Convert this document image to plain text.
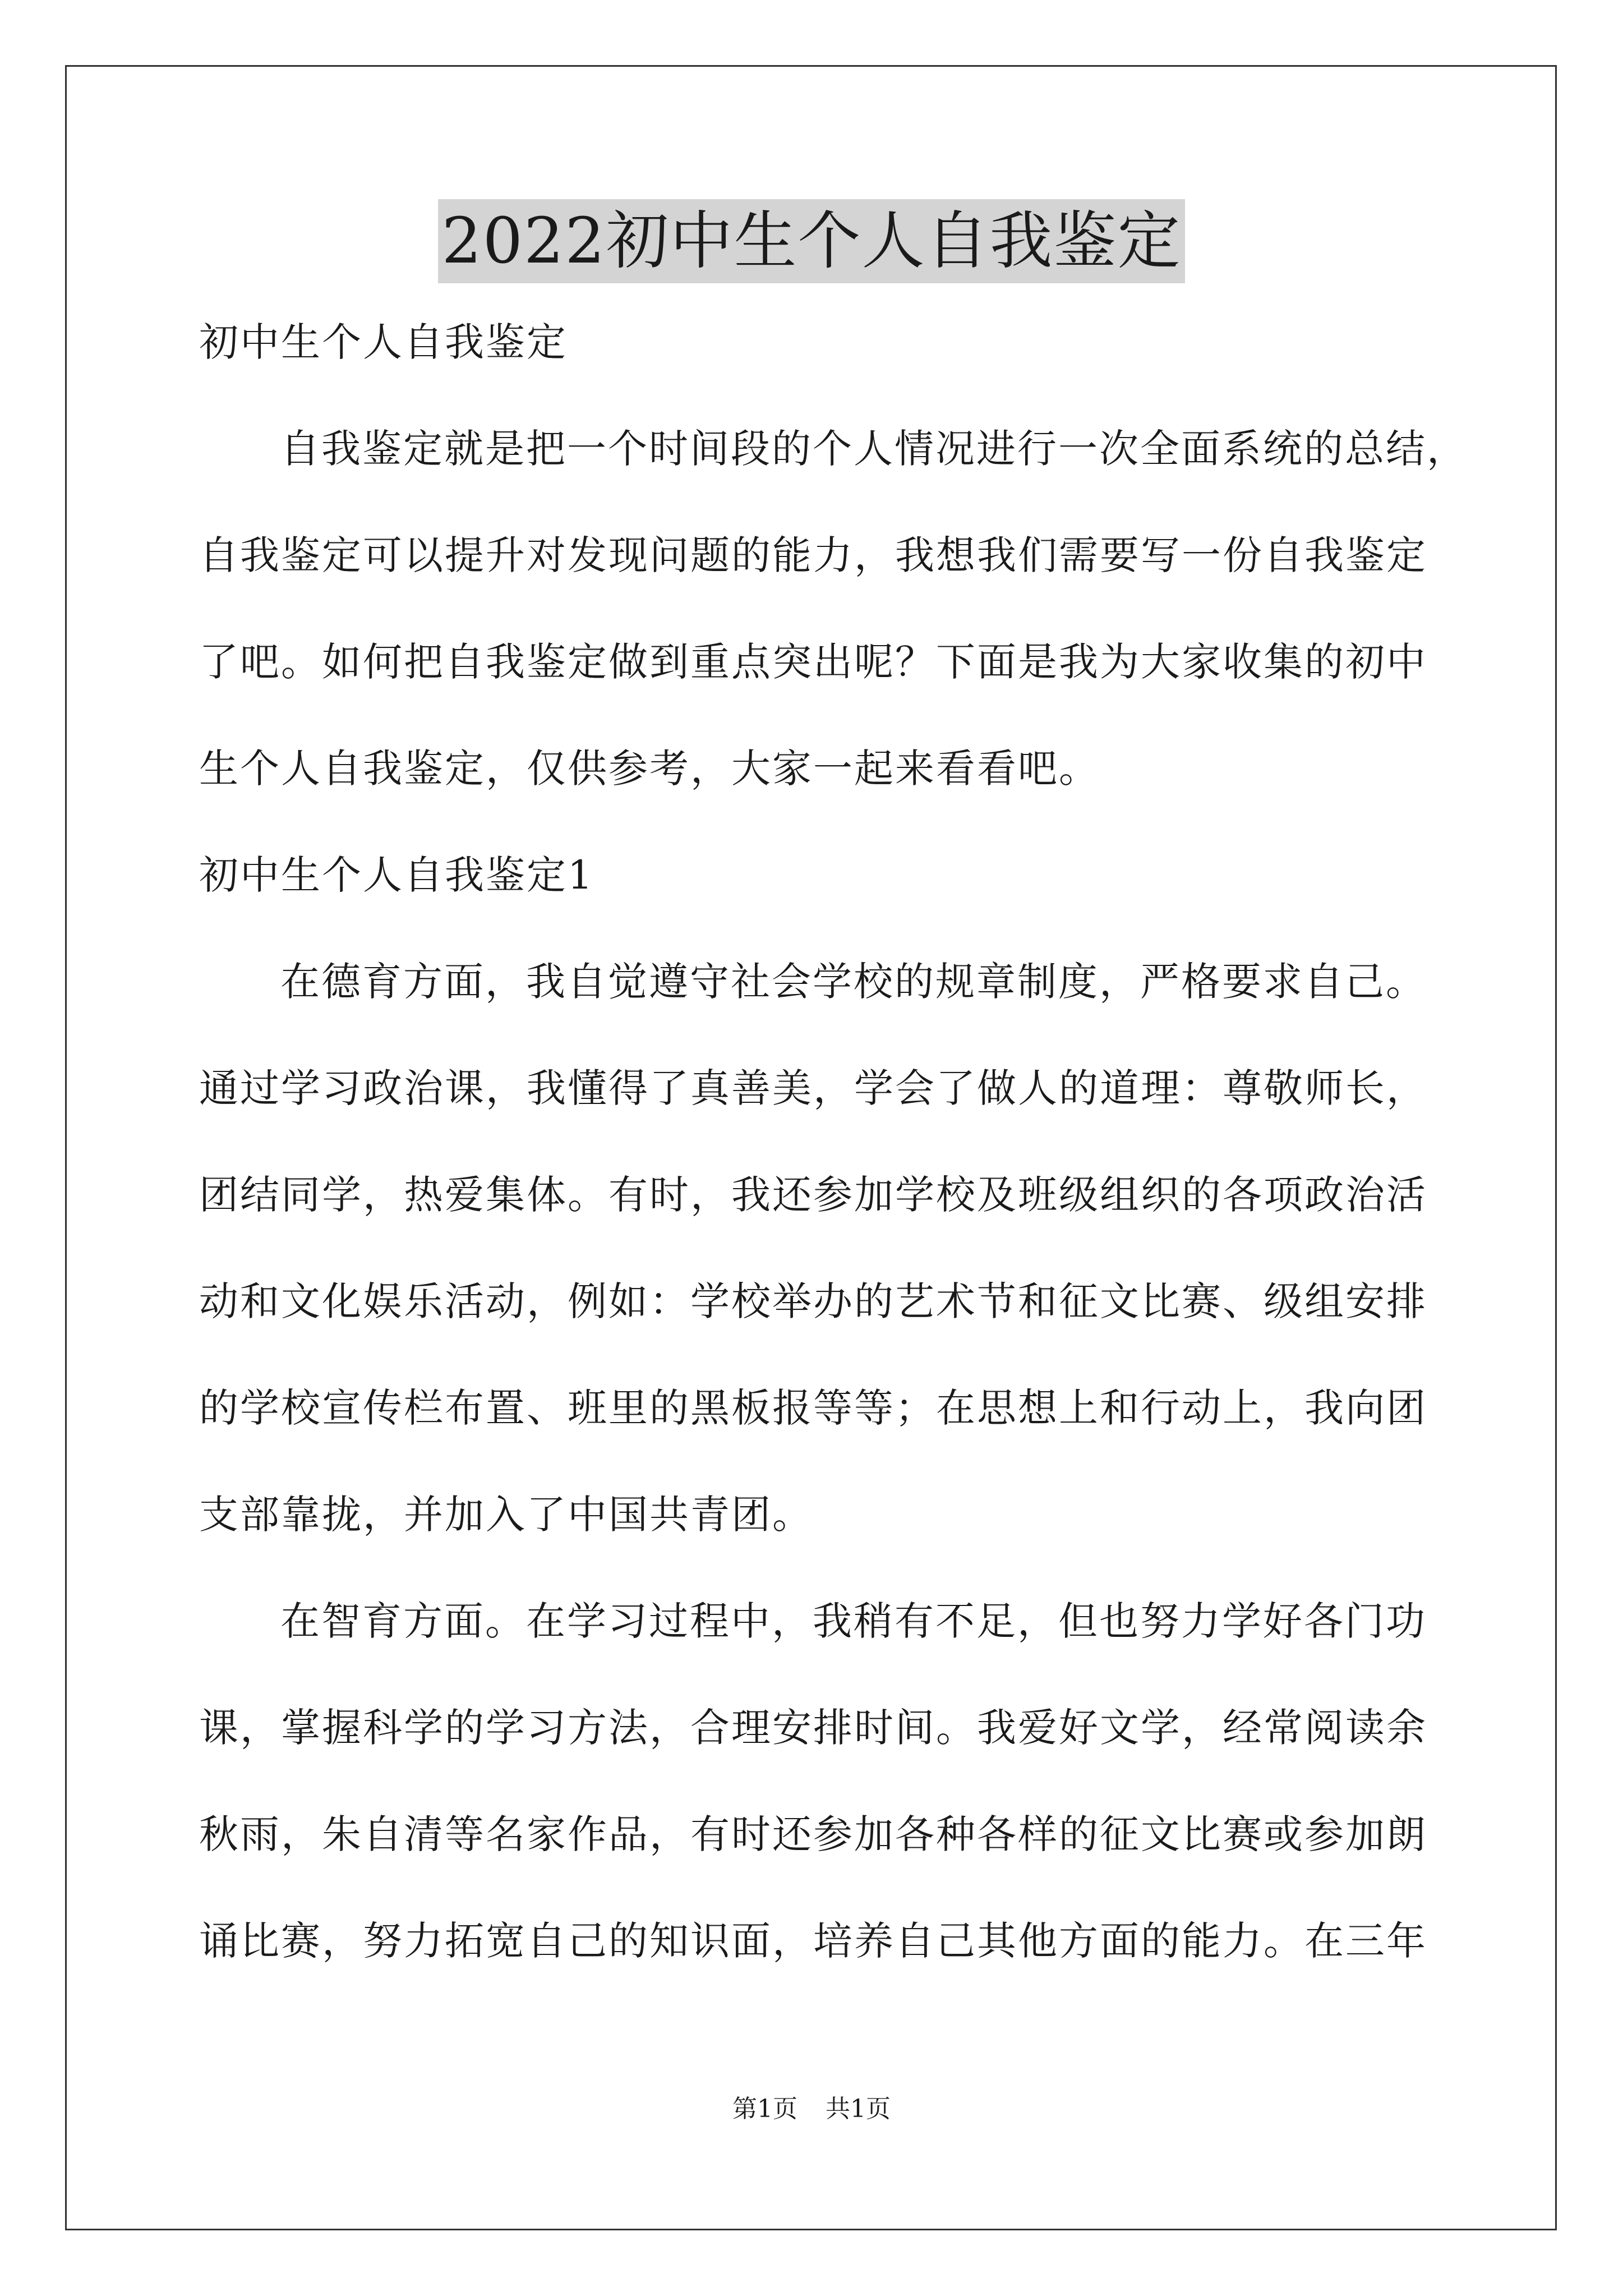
2022初中生个人自我鉴定
初中生个人自我鉴定
自我鉴定就是把一个时间段的个人情况进行一次全面系统的总结，
自我鉴定可以提升对发现问题的能力，我想我们需要写一份自我鉴定
了吧。如何把自我鉴定做到重点突出呢？下面是我为大家收集的初中
生个人自我鉴定，仅供参考，大家一起来看看吧。
初中生个人自我鉴定1
在德育方面，我自觉遵守社会学校的规章制度，严格要求自己。
通过学习政治课，我懂得了真善美，学会了做人的道理：尊敬师长，
团结同学，热爱集体。有时，我还参加学校及班级组织的各项政治活
动和文化娱乐活动，例如：学校举办的艺术节和征文比赛、级组安排
的学校宣传栏布置、班里的黑板报等等；在思想上和行动上，我向团
支部靠拢，并加入了中国共青团。
在智育方面。在学习过程中，我稍有不足，但也努力学好各门功
课，掌握科学的学习方法，合理安排时间。我爱好文学，经常阅读余
秋雨，朱自清等名家作品，有时还参加各种各样的征文比赛或参加朗
诵比赛，努力拓宽自己的知识面，培养自己其他方面的能力。在三年
第1页 共1页
